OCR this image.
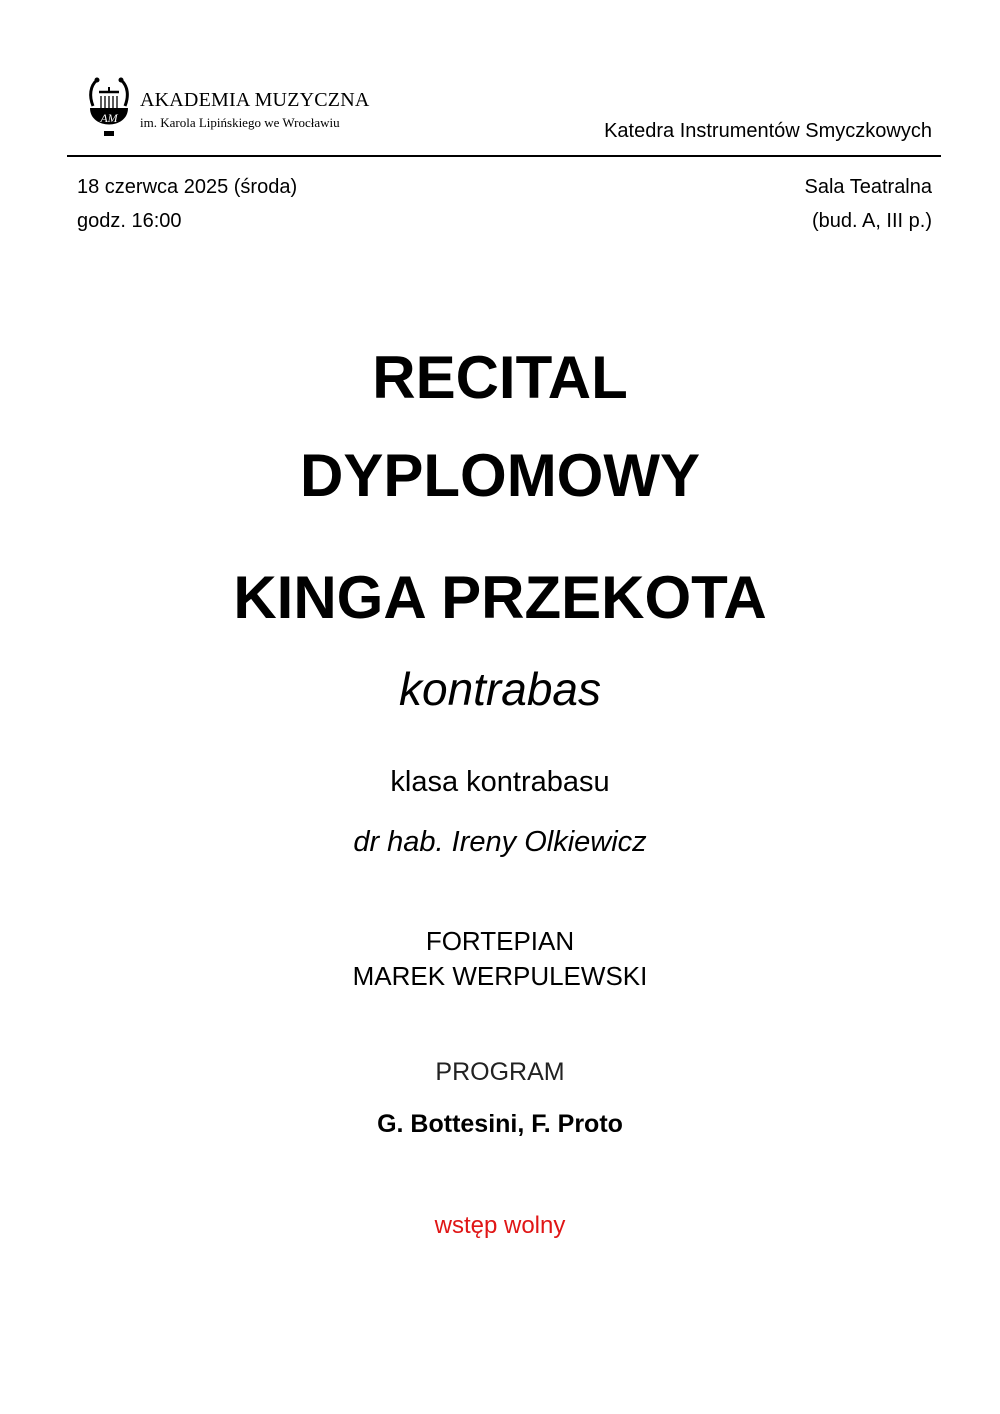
AM
AKADEMIA MUZYCZNA
im. Karola Lipińskiego we Wrocławiu	Katedra Instrumentów Smyczkowych
18 czerwca 2025 (środa)
godz. 16:00
Sala Teatralna
(bud. A, III p.)
RECITAL
DYPLOMOWY
KINGA PRZEKOTA
kontrabas
klasa kontrabasu
dr hab. Ireny Olkiewicz
FORTEPIAN
MAREK WERPULEWSKI
PROGRAM
G. Bottesini, F. Proto
wstęp wolny
